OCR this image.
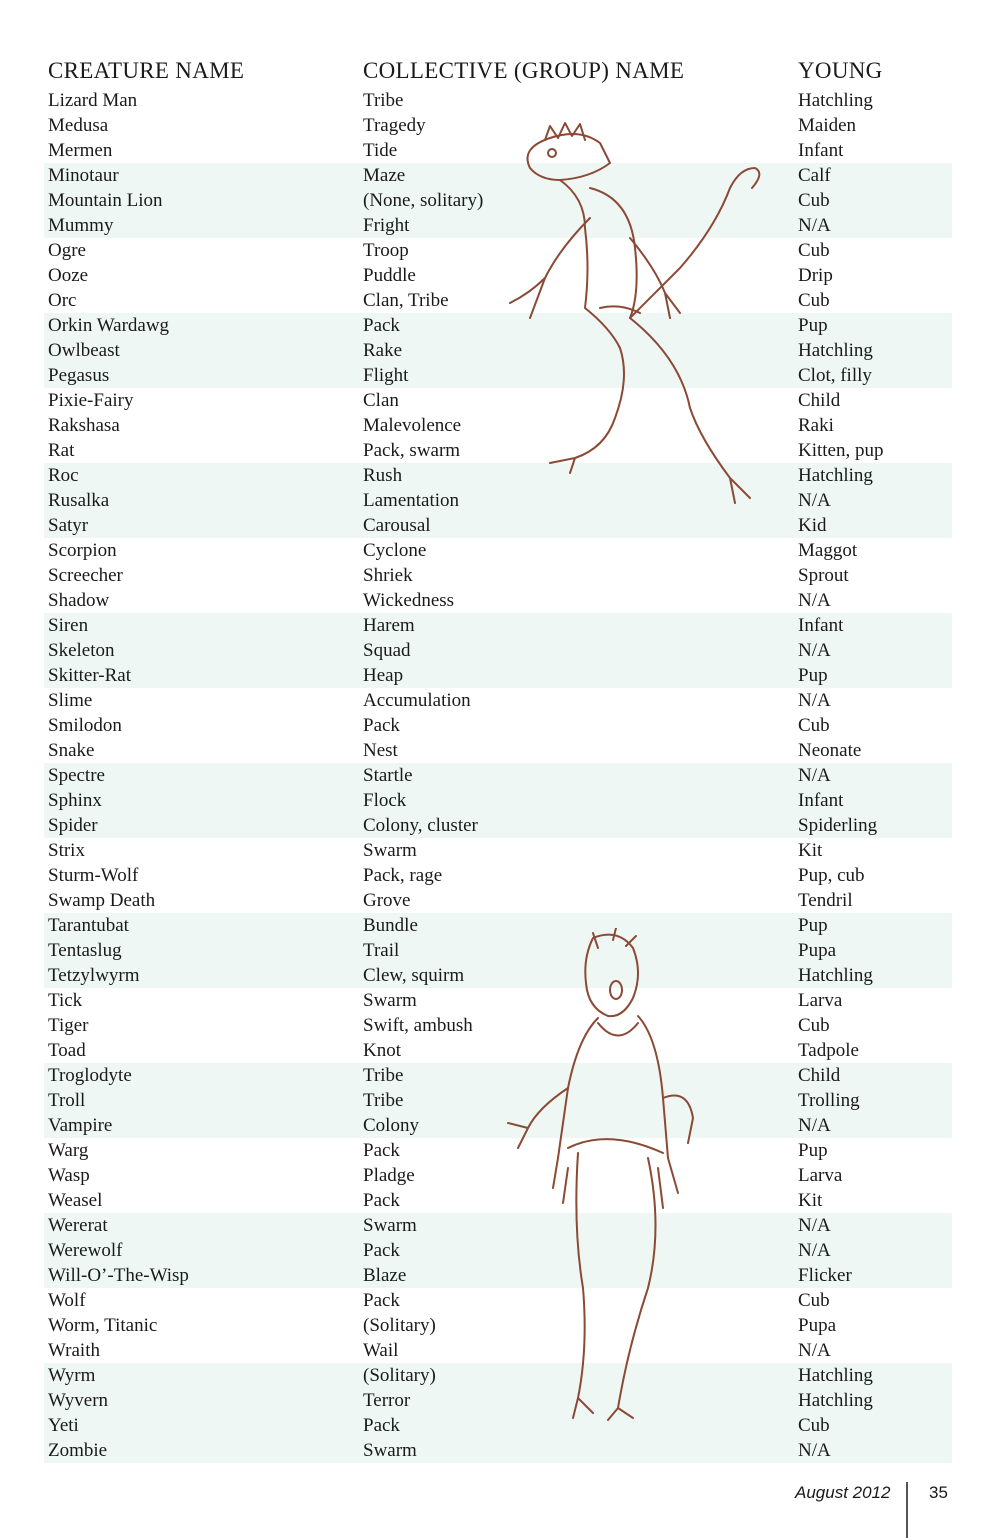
CREATURE NAME	COLLECTIVE (GROUP) NAME	YOUNG
Lizard Man	Tribe	Hatchling
Medusa	Tragedy	Maiden
Mermen	Tide	Infant
Minotaur	Maze	Calf
Mountain Lion	(None, solitary)	Cub
Mummy	Fright	N/A
Ogre	Troop	Cub
Ooze	Puddle	Drip
Orc	Clan, Tribe	Cub
Orkin Wardawg	Pack	Pup
Owlbeast	Rake	Hatchling
Pegasus	Flight	Clot, filly
Pixie-Fairy	Clan	Child
Rakshasa	Malevolence	Raki
Rat	Pack, swarm	Kitten, pup
Roc	Rush	Hatchling
Rusalka	Lamentation	N/A
Satyr	Carousal	Kid
Scorpion	Cyclone	Maggot
Screecher	Shriek	Sprout
Shadow	Wickedness	N/A
Siren	Harem	Infant
Skeleton	Squad	N/A
Skitter-Rat	Heap	Pup
Slime	Accumulation	N/A
Smilodon	Pack	Cub
Snake	Nest	Neonate
Spectre	Startle	N/A
Sphinx	Flock	Infant
Spider	Colony, cluster	Spiderling
Strix	Swarm	Kit
Sturm-Wolf	Pack, rage	Pup, cub
Swamp Death	Grove	Tendril
Tarantubat	Bundle	Pup
Tentaslug	Trail	Pupa
Tetzylwyrm	Clew, squirm	Hatchling
Tick	Swarm	Larva
Tiger	Swift, ambush	Cub
Toad	Knot	Tadpole
Troglodyte	Tribe	Child
Troll	Tribe	Trolling
Vampire	Colony	N/A
Warg	Pack	Pup
Wasp	Pladge	Larva
Weasel	Pack	Kit
Wererat	Swarm	N/A
Werewolf	Pack	N/A
Will-O’-The-Wisp	Blaze	Flicker
Wolf	Pack	Cub
Worm, Titanic	(Solitary)	Pupa
Wraith	Wail	N/A
Wyrm	(Solitary)	Hatchling
Wyvern	Terror	Hatchling
Yeti	Pack	Cub
Zombie	Swarm	N/A
August 2012 35
